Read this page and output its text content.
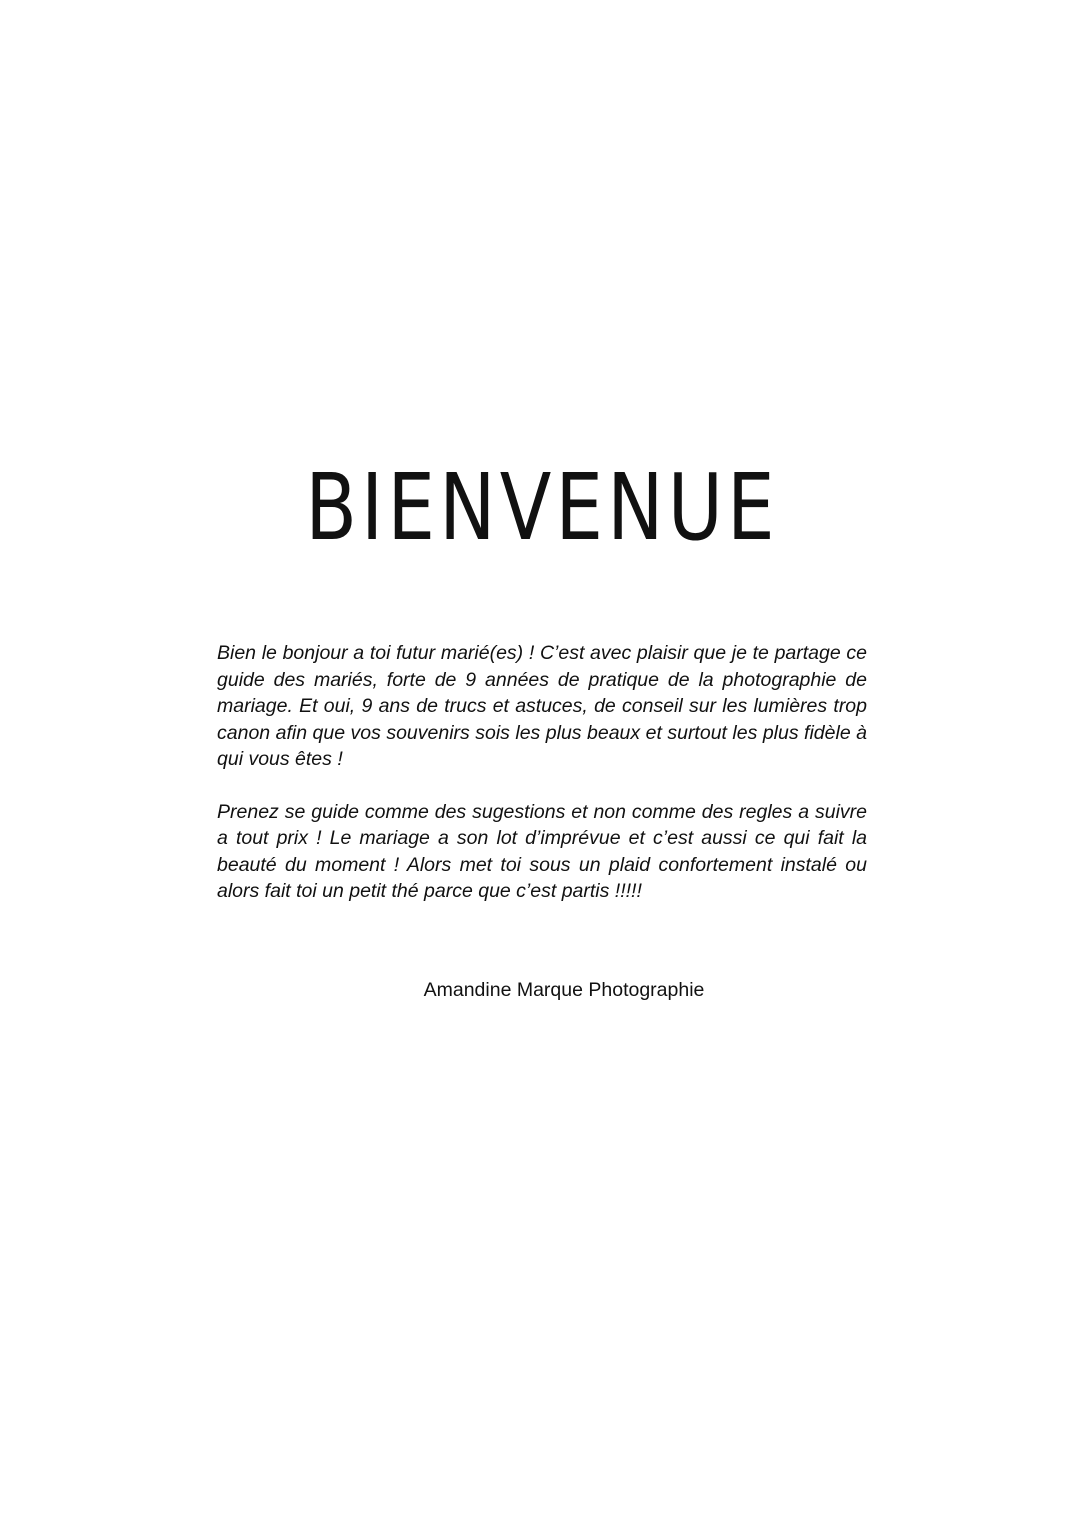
BIENVENUE

Bien le bonjour a toi futur marié(es) ! C’est avec plaisir que je te partage ce guide des mariés, forte de 9 années de pratique de la photographie de mariage. Et oui, 9 ans de trucs et astuces, de conseil sur les lumières trop canon afin que vos souvenirs sois les plus beaux et surtout les plus fidèle à qui vous êtes !

Prenez se guide comme des sugestions et non comme des regles a suivre a tout prix ! Le mariage a son lot d’imprévue et c’est aussi ce qui fait la beauté du moment ! Alors met toi sous un plaid confortement instalé ou alors fait toi un petit thé parce que c’est partis !!!!!

Amandine Marque Photographie
